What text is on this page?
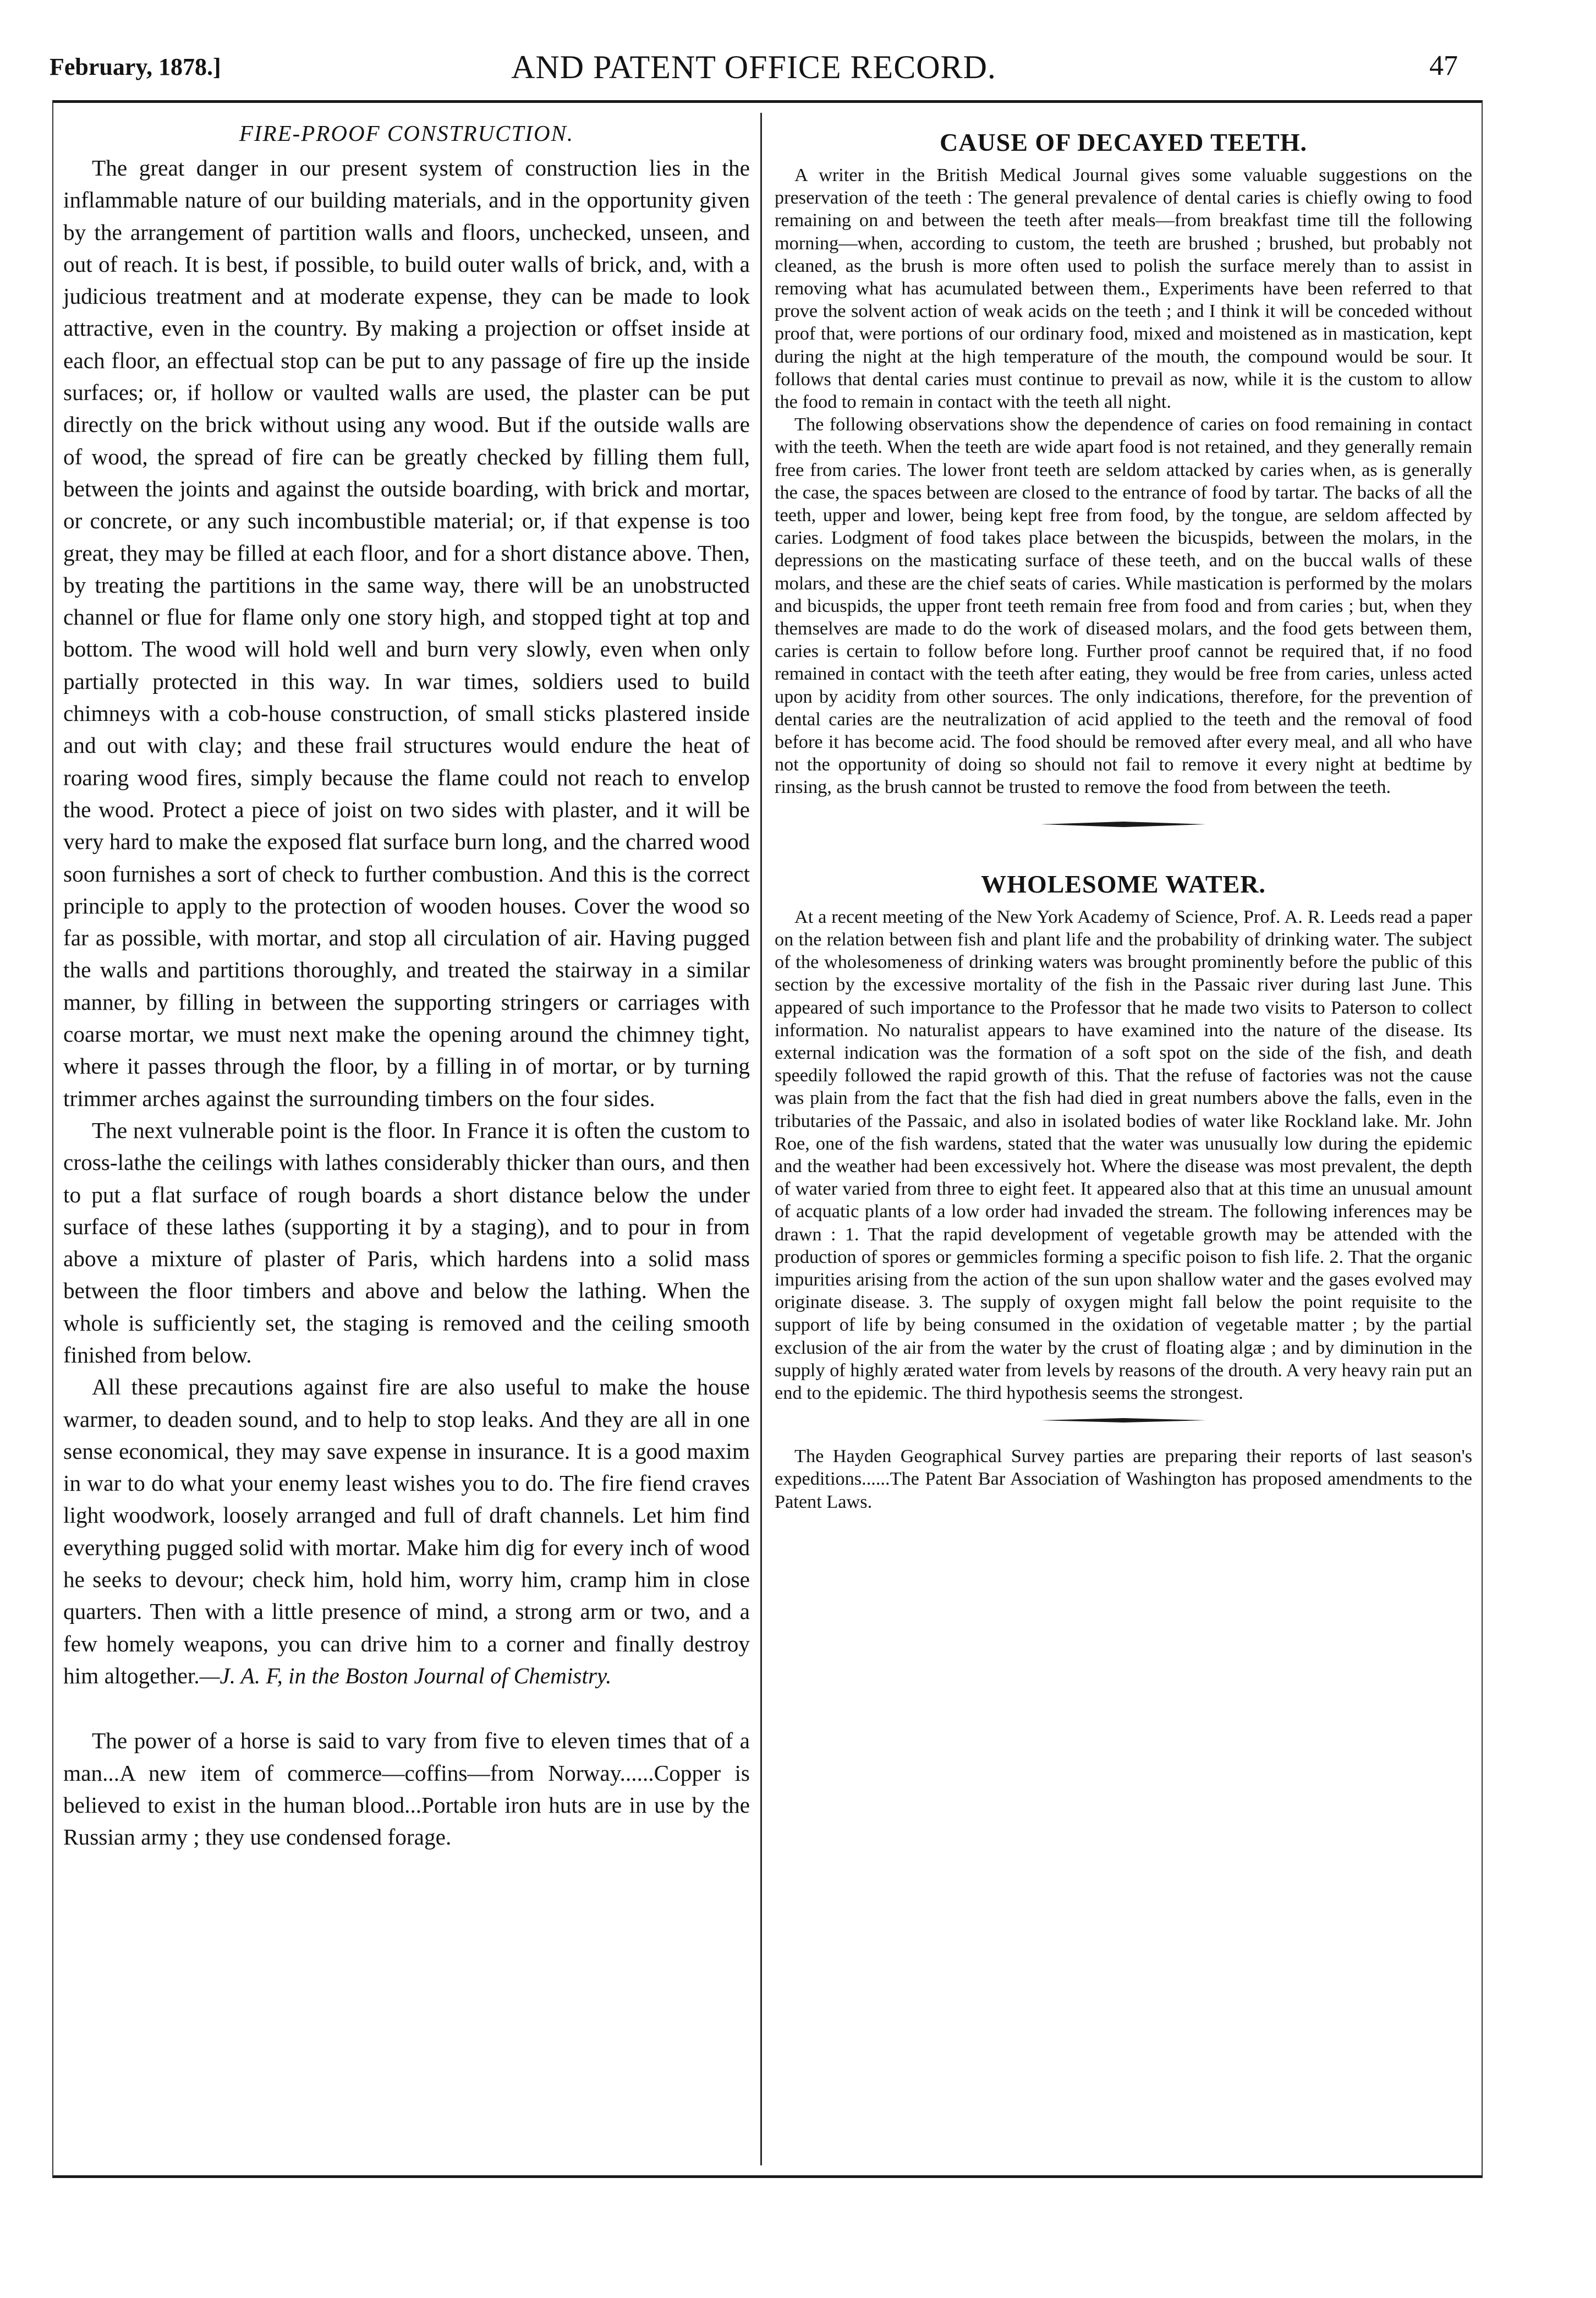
February, 1878.]	AND PATENT OFFICE RECORD.	47
FIRE-PROOF CONSTRUCTION.

The great danger in our present system of construction lies in the inflammable nature of our building materials, and in the opportunity given by the arrangement of partition walls and floors, unchecked, unseen, and out of reach. It is best, if possible, to build outer walls of brick, and, with a judicious treatment and at moderate expense, they can be made to look attractive, even in the country. By making a projection or offset inside at each floor, an effectual stop can be put to any passage of fire up the inside surfaces; or, if hollow or vaulted walls are used, the plaster can be put directly on the brick without using any wood. But if the outside walls are of wood, the spread of fire can be greatly checked by filling them full, between the joints and against the outside boarding, with brick and mortar, or concrete, or any such incombustible material; or, if that expense is too great, they may be filled at each floor, and for a short distance above. Then, by treating the partitions in the same way, there will be an unobstructed channel or flue for flame only one story high, and stopped tight at top and bottom. The wood will hold well and burn very slowly, even when only partially protected in this way. In war times, soldiers used to build chimneys with a cob-house construction, of small sticks plastered inside and out with clay; and these frail structures would endure the heat of roaring wood fires, simply because the flame could not reach to envelop the wood. Protect a piece of joist on two sides with plaster, and it will be very hard to make the exposed flat surface burn long, and the charred wood soon furnishes a sort of check to further combustion. And this is the correct principle to apply to the protection of wooden houses. Cover the wood so far as possible, with mortar, and stop all circulation of air. Having pugged the walls and partitions thoroughly, and treated the stairway in a similar manner, by filling in between the supporting stringers or carriages with coarse mortar, we must next make the opening around the chimney tight, where it passes through the floor, by a filling in of mortar, or by turning trimmer arches against the surrounding timbers on the four sides.

The next vulnerable point is the floor. In France it is often the custom to cross-lathe the ceilings with lathes considerably thicker than ours, and then to put a flat surface of rough boards a short distance below the under surface of these lathes (supporting it by a staging), and to pour in from above a mixture of plaster of Paris, which hardens into a solid mass between the floor timbers and above and below the lathing. When the whole is sufficiently set, the staging is removed and the ceiling smooth finished from below.

All these precautions against fire are also useful to make the house warmer, to deaden sound, and to help to stop leaks. And they are all in one sense economical, they may save expense in insurance. It is a good maxim in war to do what your enemy least wishes you to do. The fire fiend craves light woodwork, loosely arranged and full of draft channels. Let him find everything pugged solid with mortar. Make him dig for every inch of wood he seeks to devour; check him, hold him, worry him, cramp him in close quarters. Then with a little presence of mind, a strong arm or two, and a few homely weapons, you can drive him to a corner and finally destroy him altogether.—J. A. F, in the Boston Journal of Chemistry.

The power of a horse is said to vary from five to eleven times that of a man...A new item of commerce—coffins—from Norway......Copper is believed to exist in the human blood...Portable iron huts are in use by the Russian army ; they use condensed forage.

CAUSE OF DECAYED TEETH.

A writer in the British Medical Journal gives some valuable suggestions on the preservation of the teeth : The general prevalence of dental caries is chiefly owing to food remaining on and between the teeth after meals—from breakfast time till the following morning—when, according to custom, the teeth are brushed ; brushed, but probably not cleaned, as the brush is more often used to polish the surface merely than to assist in removing what has acumulated between them., Experiments have been referred to that prove the solvent action of weak acids on the teeth ; and I think it will be conceded without proof that, were portions of our ordinary food, mixed and moistened as in mastication, kept during the night at the high temperature of the mouth, the compound would be sour. It follows that dental caries must continue to prevail as now, while it is the custom to allow the food to remain in contact with the teeth all night.

The following observations show the dependence of caries on food remaining in contact with the teeth. When the teeth are wide apart food is not retained, and they generally remain free from caries. The lower front teeth are seldom attacked by caries when, as is generally the case, the spaces between are closed to the entrance of food by tartar. The backs of all the teeth, upper and lower, being kept free from food, by the tongue, are seldom affected by caries. Lodgment of food takes place between the bicuspids, between the molars, in the depressions on the masticating surface of these teeth, and on the buccal walls of these molars, and these are the chief seats of caries. While mastication is performed by the molars and bicuspids, the upper front teeth remain free from food and from caries ; but, when they themselves are made to do the work of diseased molars, and the food gets between them, caries is certain to follow before long. Further proof cannot be required that, if no food remained in contact with the teeth after eating, they would be free from caries, unless acted upon by acidity from other sources. The only indications, therefore, for the prevention of dental caries are the neutralization of acid applied to the teeth and the removal of food before it has become acid. The food should be removed after every meal, and all who have not the opportunity of doing so should not fail to remove it every night at bedtime by rinsing, as the brush cannot be trusted to remove the food from between the teeth.

WHOLESOME WATER.

At a recent meeting of the New York Academy of Science, Prof. A. R. Leeds read a paper on the relation between fish and plant life and the probability of drinking water. The subject of the wholesomeness of drinking waters was brought prominently before the public of this section by the excessive mortality of the fish in the Passaic river during last June. This appeared of such importance to the Professor that he made two visits to Paterson to collect information. No naturalist appears to have examined into the nature of the disease. Its external indication was the formation of a soft spot on the side of the fish, and death speedily followed the rapid growth of this. That the refuse of factories was not the cause was plain from the fact that the fish had died in great numbers above the falls, even in the tributaries of the Passaic, and also in isolated bodies of water like Rockland lake. Mr. John Roe, one of the fish wardens, stated that the water was unusually low during the epidemic and the weather had been excessively hot. Where the disease was most prevalent, the depth of water varied from three to eight feet. It appeared also that at this time an unusual amount of acquatic plants of a low order had invaded the stream. The following inferences may be drawn : 1. That the rapid development of vegetable growth may be attended with the production of spores or gemmicles forming a specific poison to fish life. 2. That the organic impurities arising from the action of the sun upon shallow water and the gases evolved may originate disease. 3. The supply of oxygen might fall below the point requisite to the support of life by being consumed in the oxidation of vegetable matter ; by the partial exclusion of the air from the water by the crust of floating algæ ; and by diminution in the supply of highly ærated water from levels by reasons of the drouth. A very heavy rain put an end to the epidemic. The third hypothesis seems the strongest.

The Hayden Geographical Survey parties are preparing their reports of last season's expeditions......The Patent Bar Association of Washington has proposed amendments to the Patent Laws.
